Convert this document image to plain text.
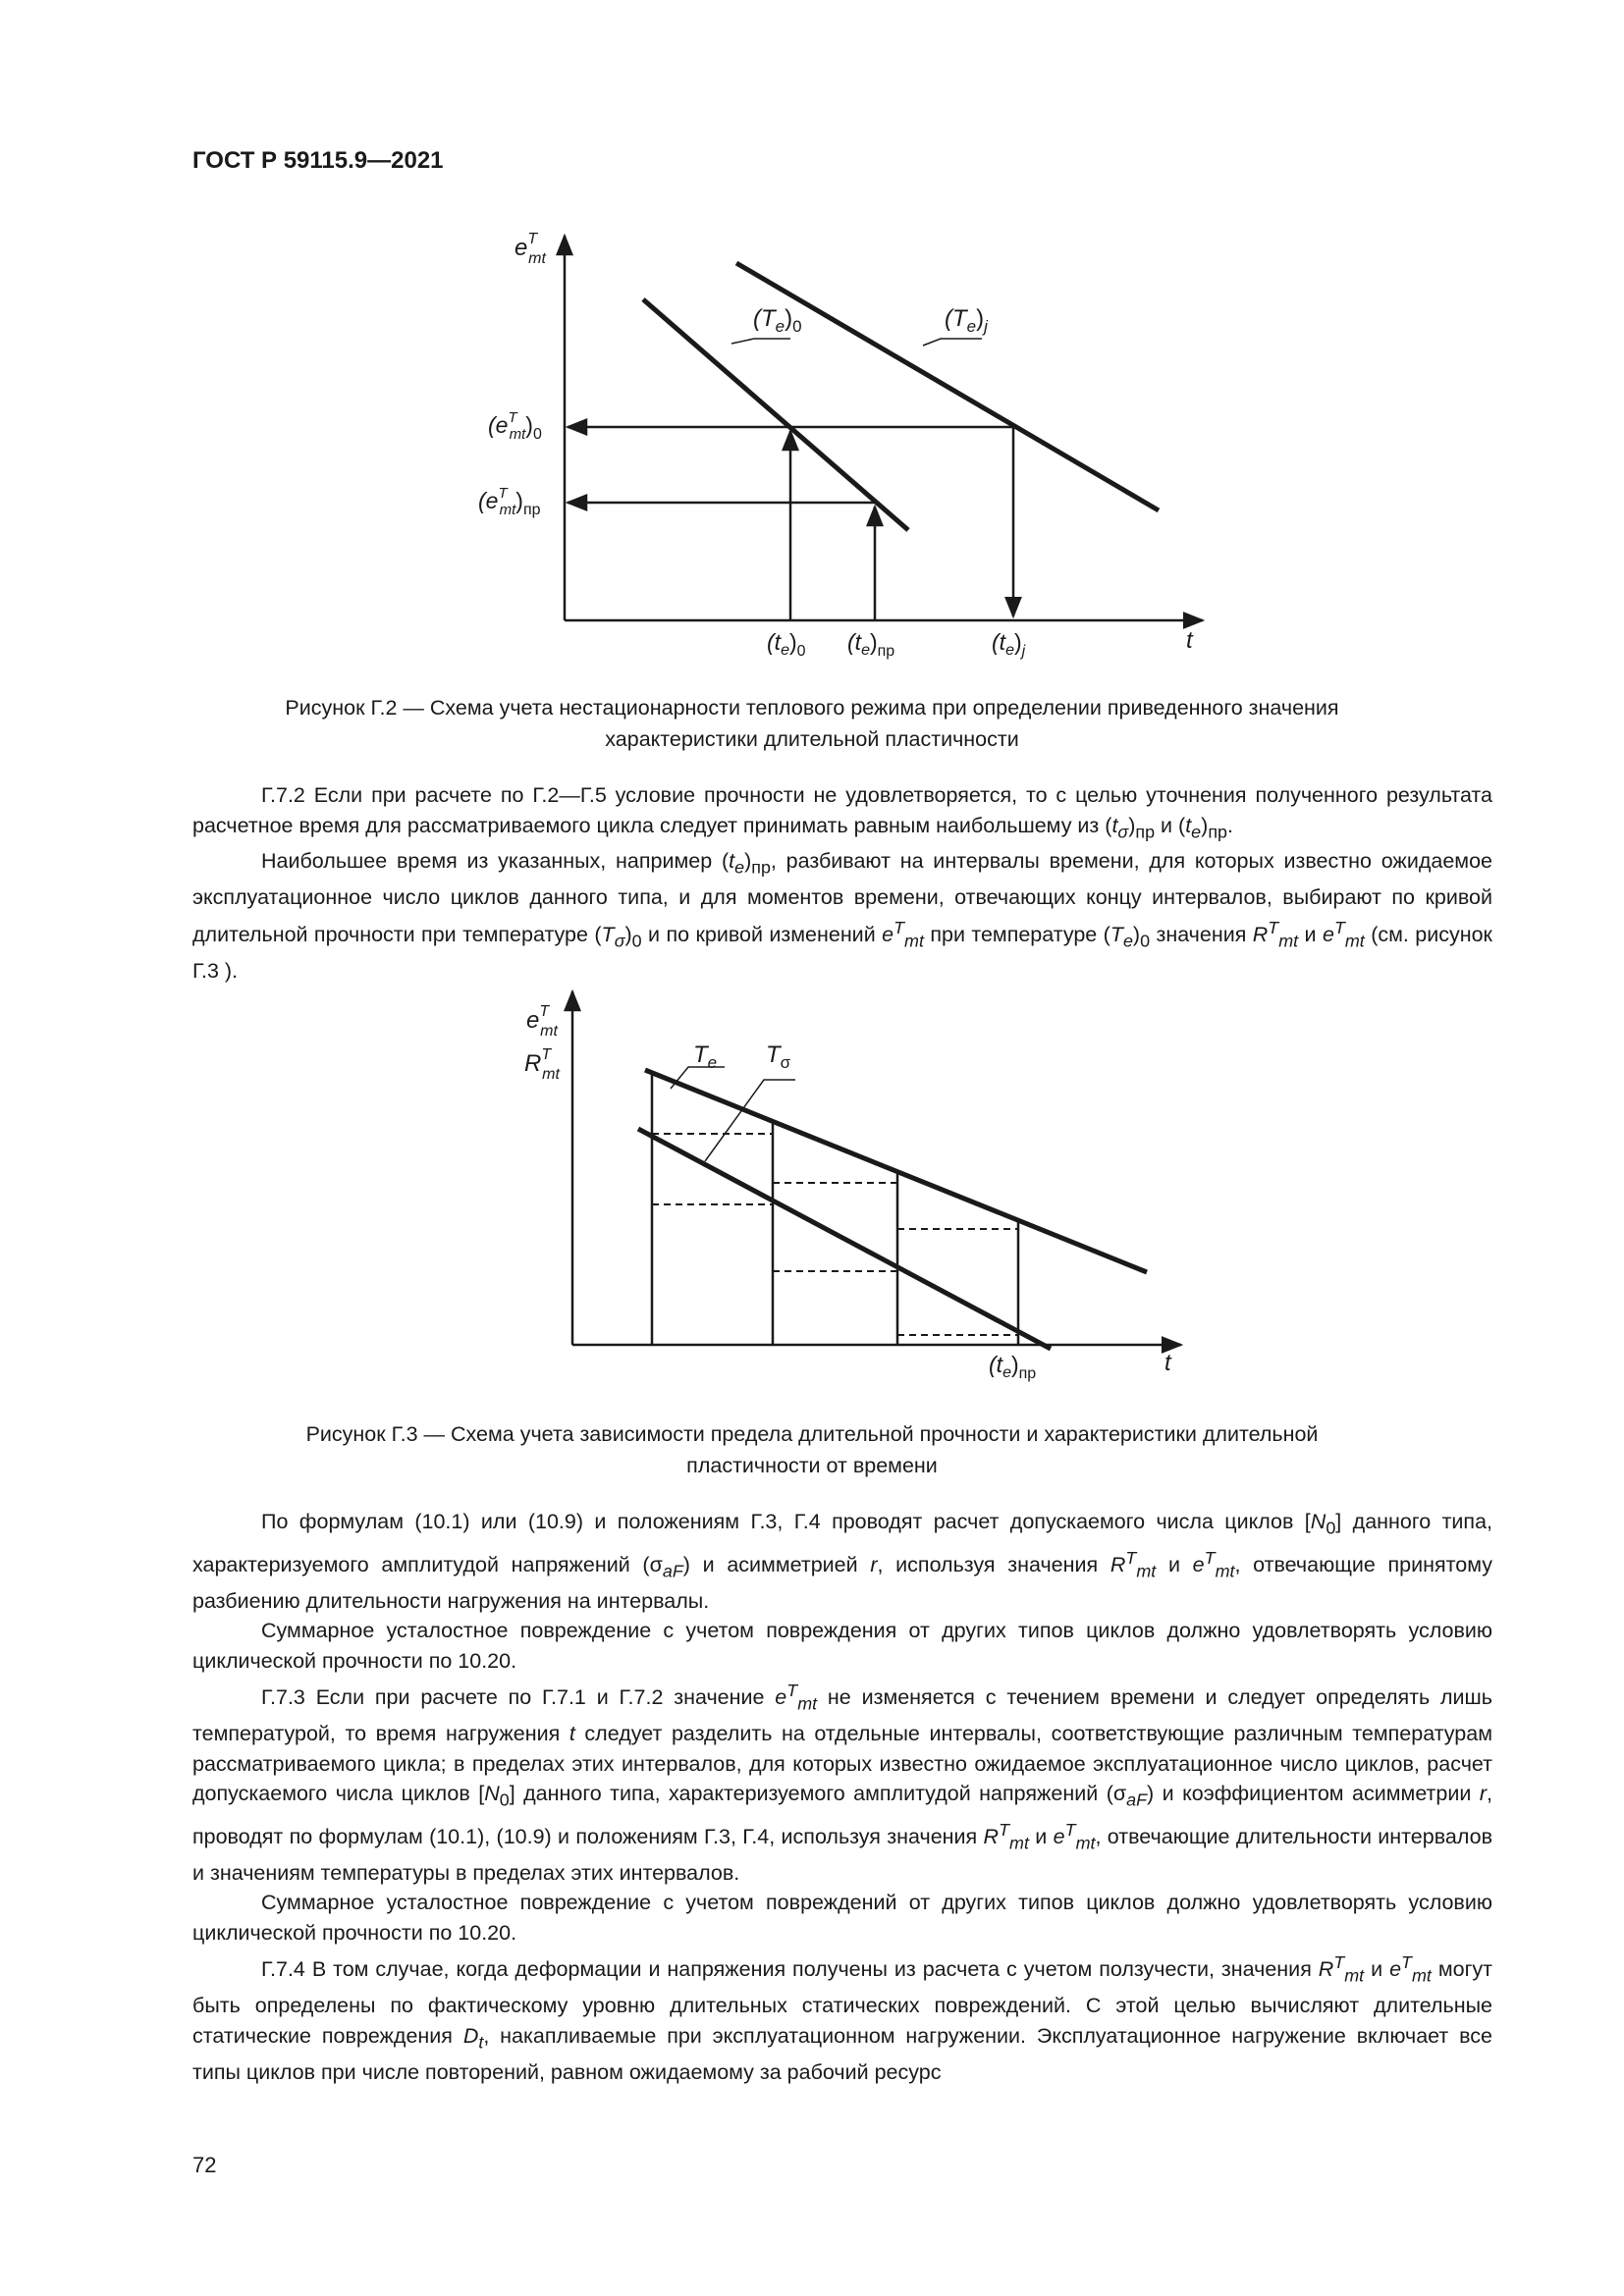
ГОСТ Р 59115.9—2021
$e^T$ mt
$(T_e)_0$	$(T_e)_j$
($e^T$ $mt)_0$
($e^T$ $mt)_{пр}$
$(t_e)_0$ $(t_e)_{пр}$	$(t_e)_j$	t
Рисунок Г.2 — Схема учета нестационарности теплового режима при определении приведенного значения
характеристики длительной пластичности

Г.7.2 Если при расчете по Г.2—Г.5 условие прочности не удовлетворяется, то с целью уточнения полученного результата расчетное время для рассматриваемого цикла следует принимать равным наибольшему из $(t_\sigma)_{пр}$ и $(t_e)_{пр}$.

Наибольшее время из указанных, например $(t_e)_{пр}$, разбивают на интервалы времени, для которых известно ожидаемое эксплуатационное число циклов данного типа, и для моментов времени, отвечающих концу интервалов, выбирают по кривой длительной прочности при температуре $(T_\sigma)_0$ и по кривой изменений $e^T_{mt}$ при температуре $(T_e)_0$ значения $R^T_{mt}$ и $e^T_{mt}$ (см. рисунок Г.3 ).

$e^T$ mt
$R^T$ mt
$T_e$ $T_\sigma$
$(t_e)_{пр}$	t
Рисунок Г.3 — Схема учета зависимости предела длительной прочности и характеристики длительной
пластичности от времени

По формулам (10.1) или (10.9) и положениям Г.3, Г.4 проводят расчет допускаемого числа циклов $[N_0]$ данного типа, характеризуемого амплитудой напряжений $(\sigma_{aF})$ и асимметрией r, используя значения $R^T_{mt}$ и $e^T_{mt}$, отвечающие принятому разбиению длительности нагружения на интервалы.

Суммарное усталостное повреждение с учетом повреждения от других типов циклов должно удовлетворять условию циклической прочности по 10.20.

Г.7.3 Если при расчете по Г.7.1 и Г.7.2 значение $e^T_{mt}$ не изменяется с течением времени и следует определять лишь температурой, то время нагружения t следует разделить на отдельные интервалы, соответствующие различным температурам рассматриваемого цикла; в пределах этих интервалов, для которых известно ожидаемое эксплуатационное число циклов, расчет допускаемого числа циклов $[N_0]$ данного типа, характеризуемого амплитудой напряжений $(\sigma_{aF})$ и коэффициентом асимметрии r, проводят по формулам (10.1), (10.9) и положениям Г.3, Г.4, используя значения $R^T_{mt}$ и $e^T_{mt}$, отвечающие длительности интервалов и значениям температуры в пределах этих интервалов.

Суммарное усталостное повреждение с учетом повреждений от других типов циклов должно удовлетворять условию циклической прочности по 10.20.

Г.7.4 В том случае, когда деформации и напряжения получены из расчета с учетом ползучести, значения $R^T_{mt}$ и $e^T_{mt}$ могут быть определены по фактическому уровню длительных статических повреждений. С этой целью вычисляют длительные статические повреждения $D_t$, накапливаемые при эксплуатационном нагружении. Эксплуатационное нагружение включает все типы циклов при числе повторений, равном ожидаемому за рабочий ресурс

72
